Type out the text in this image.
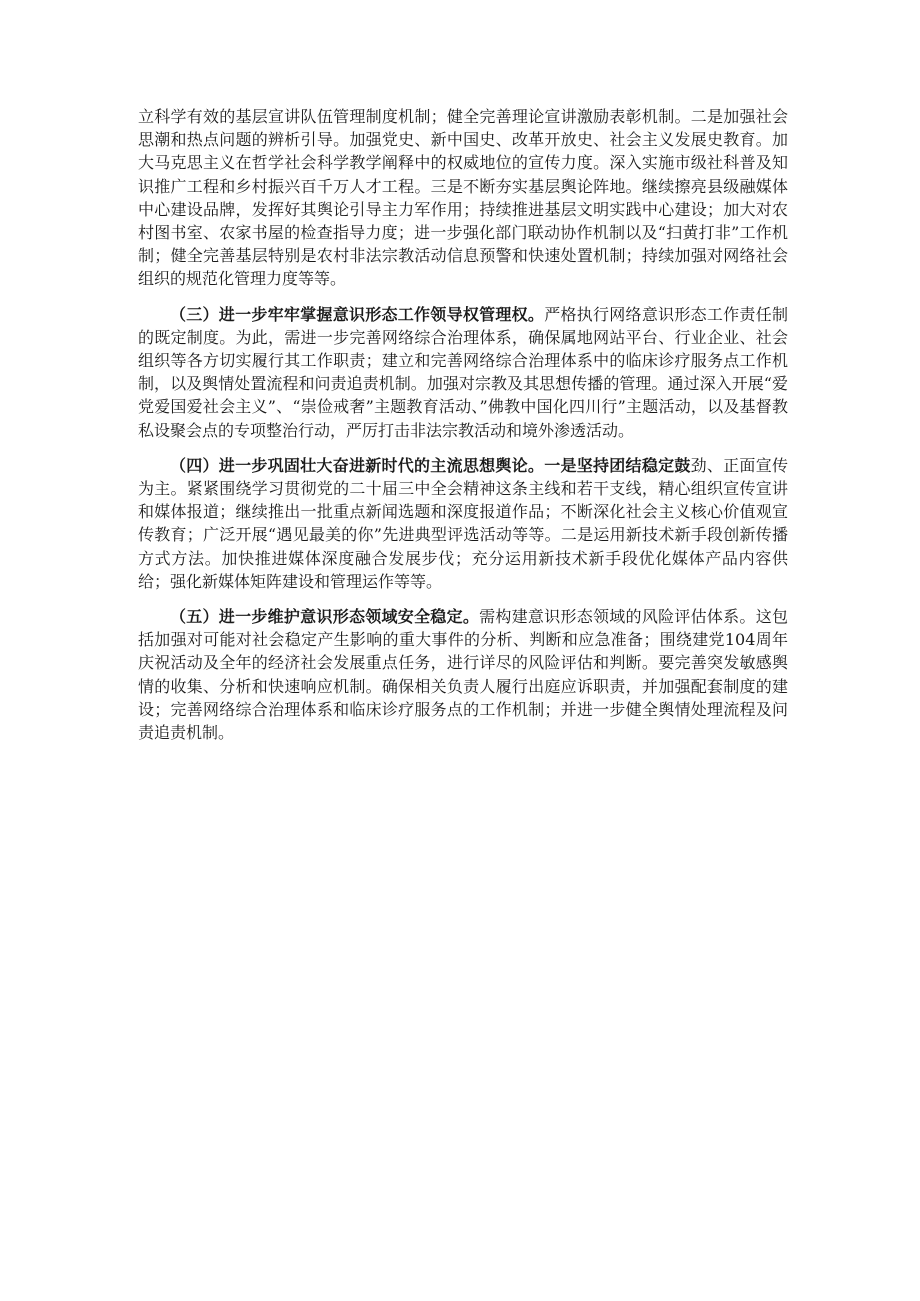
立科学有效的基层宣讲队伍管理制度机制；健全完善理论宣讲激励表彰机制。二是加强社会思潮和热点问题的辨析引导。加强党史、新中国史、改革开放史、社会主义发展史教育。加大马克思主义在哲学社会科学教学阐释中的权威地位的宣传力度。深入实施市级社科普及知识推广工程和乡村振兴百千万人才工程。三是不断夯实基层舆论阵地。继续擦亮县级融媒体中心建设品牌，发挥好其舆论引导主力军作用；持续推进基层文明实践中心建设；加大对农村图书室、农家书屋的检查指导力度；进一步强化部门联动协作机制以及“扫黄打非”工作机制；健全完善基层特别是农村非法宗教活动信息预警和快速处置机制；持续加强对网络社会组织的规范化管理力度等等。

（三）进一步牢牢掌握意识形态工作领导权管理权。严格执行网络意识形态工作责任制的既定制度。为此，需进一步完善网络综合治理体系，确保属地网站平台、行业企业、社会组织等各方切实履行其工作职责；建立和完善网络综合治理体系中的临床诊疗服务点工作机制，以及舆情处置流程和问责追责机制。加强对宗教及其思想传播的管理。通过深入开展“爱党爱国爱社会主义”、“崇俭戒奢”主题教育活动、”佛教中国化四川行”主题活动，以及基督教私设聚会点的专项整治行动，严厉打击非法宗教活动和境外渗透活动。

（四）进一步巩固壮大奋进新时代的主流思想舆论。一是坚持团结稳定鼓劲、正面宣传为主。紧紧围绕学习贯彻党的二十届三中全会精神这条主线和若干支线，精心组织宣传宣讲和媒体报道；继续推出一批重点新闻选题和深度报道作品；不断深化社会主义核心价值观宣传教育；广泛开展“遇见最美的你”先进典型评选活动等等。二是运用新技术新手段创新传播方式方法。加快推进媒体深度融合发展步伐；充分运用新技术新手段优化媒体产品内容供给；强化新媒体矩阵建设和管理运作等等。

（五）进一步维护意识形态领域安全稳定。需构建意识形态领域的风险评估体系。这包括加强对可能对社会稳定产生影响的重大事件的分析、判断和应急准备；围绕建党104周年庆祝活动及全年的经济社会发展重点任务，进行详尽的风险评估和判断。要完善突发敏感舆情的收集、分析和快速响应机制。确保相关负责人履行出庭应诉职责，并加强配套制度的建设；完善网络综合治理体系和临床诊疗服务点的工作机制；并进一步健全舆情处理流程及问责追责机制。
